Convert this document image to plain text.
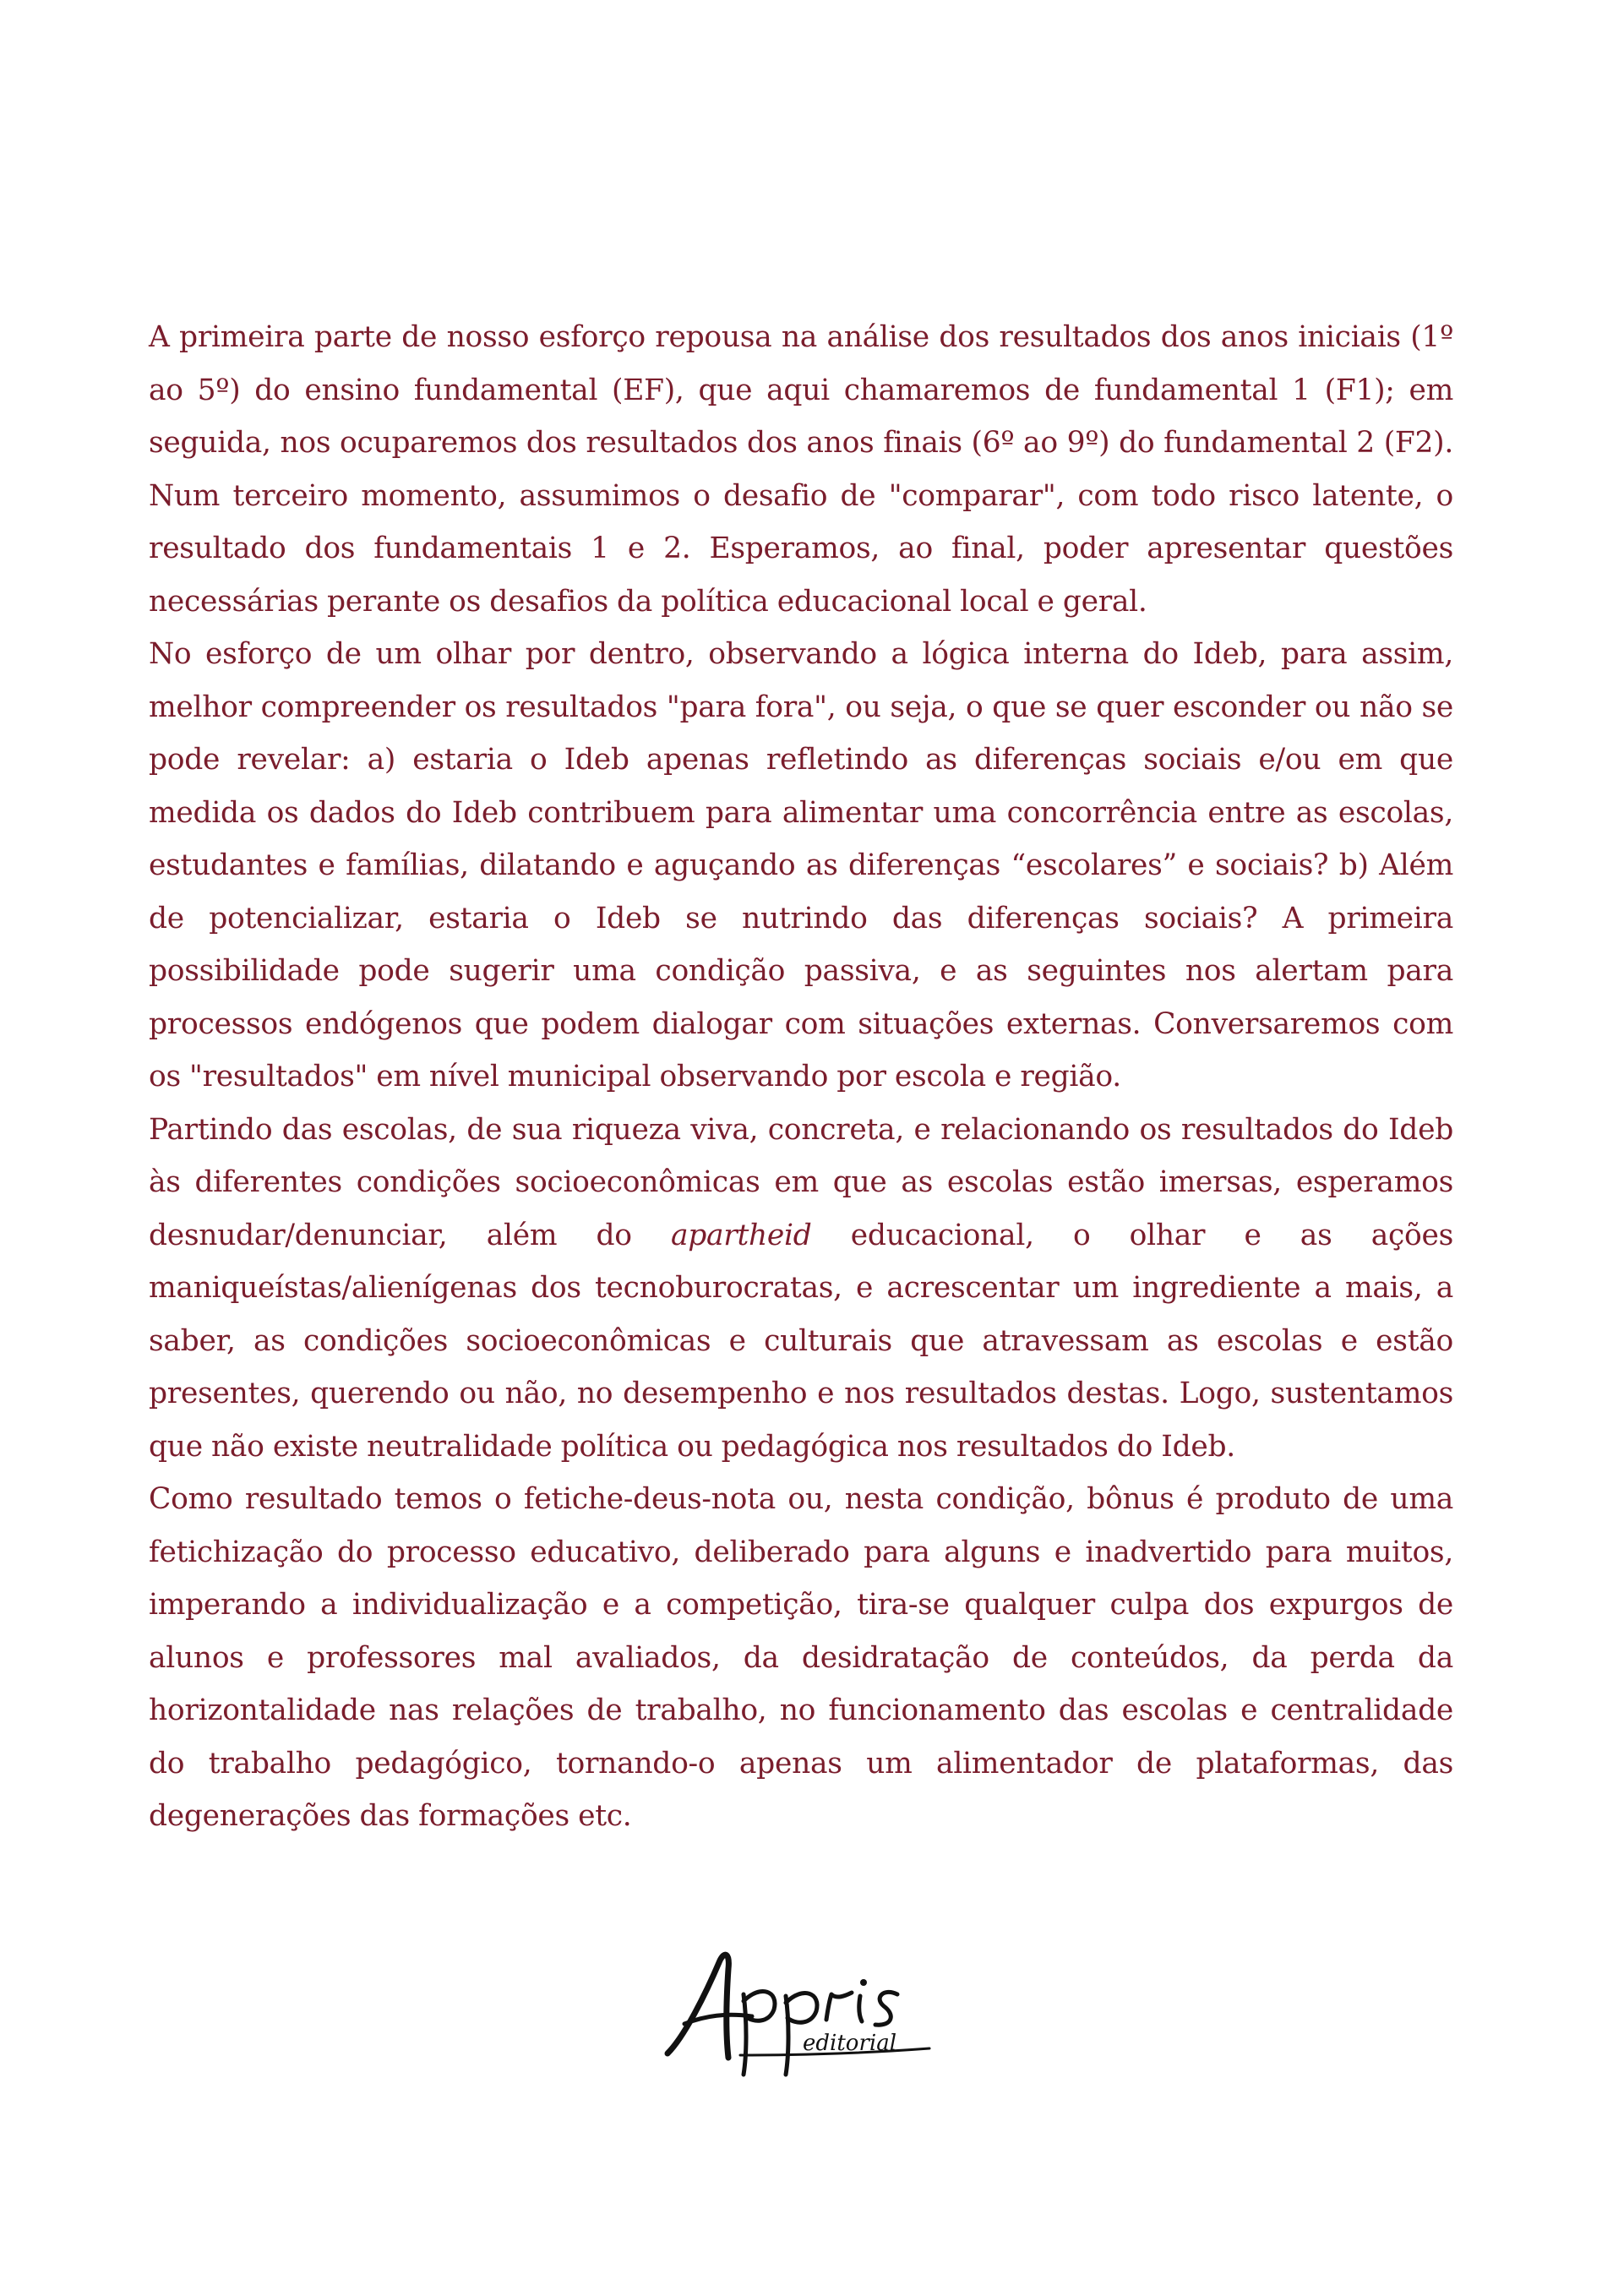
A primeira parte de nosso esforço repousa na análise dos resultados dos anos iniciais (1º ao 5º) do ensino fundamental (EF), que aqui chamaremos de fundamental 1 (F1); em seguida, nos ocuparemos dos resultados dos anos finais (6º ao 9º) do fundamental 2 (F2). Num terceiro momento, assumimos o desafio de "comparar", com todo risco latente, o resultado dos fundamentais 1 e 2. Esperamos, ao final, poder apresentar questões necessárias perante os desafios da política educacional local e geral.

No esforço de um olhar por dentro, observando a lógica interna do Ideb, para assim, melhor compreender os resultados "para fora", ou seja, o que se quer esconder ou não se pode revelar: a) estaria o Ideb apenas refletindo as diferenças sociais e/ou em que medida os dados do Ideb contribuem para alimentar uma concorrência entre as escolas, estudantes e famílias, dilatando e aguçando as diferenças “escolares” e sociais? b) Além de potencializar, estaria o Ideb se nutrindo das diferenças sociais? A primeira possibilidade pode sugerir uma condição passiva, e as seguintes nos alertam para processos endógenos que podem dialogar com situações externas. Conversaremos com os "resultados" em nível municipal observando por escola e região.

Partindo das escolas, de sua riqueza viva, concreta, e relacionando os resultados do Ideb às diferentes condições socioeconômicas em que as escolas estão imersas, esperamos desnudar/denunciar, além do apartheid educacional, o olhar e as ações maniqueístas/alienígenas dos tecnoburocratas, e acrescentar um ingrediente a mais, a saber, as condições socioeconômicas e culturais que atravessam as escolas e estão presentes, querendo ou não, no desempenho e nos resultados destas. Logo, sustentamos que não existe neutralidade política ou pedagógica nos resultados do Ideb.

Como resultado temos o fetiche-deus-nota ou, nesta condição, bônus é produto de uma fetichização do processo educativo, deliberado para alguns e inadvertido para muitos, imperando a individualização e a competição, tira-se qualquer culpa dos expurgos de alunos e professores mal avaliados, da desidratação de conteúdos, da perda da horizontalidade nas relações de trabalho, no funcionamento das escolas e centralidade do trabalho pedagógico, tornando-o apenas um alimentador de plataformas, das degenerações das formações etc.

editorial
